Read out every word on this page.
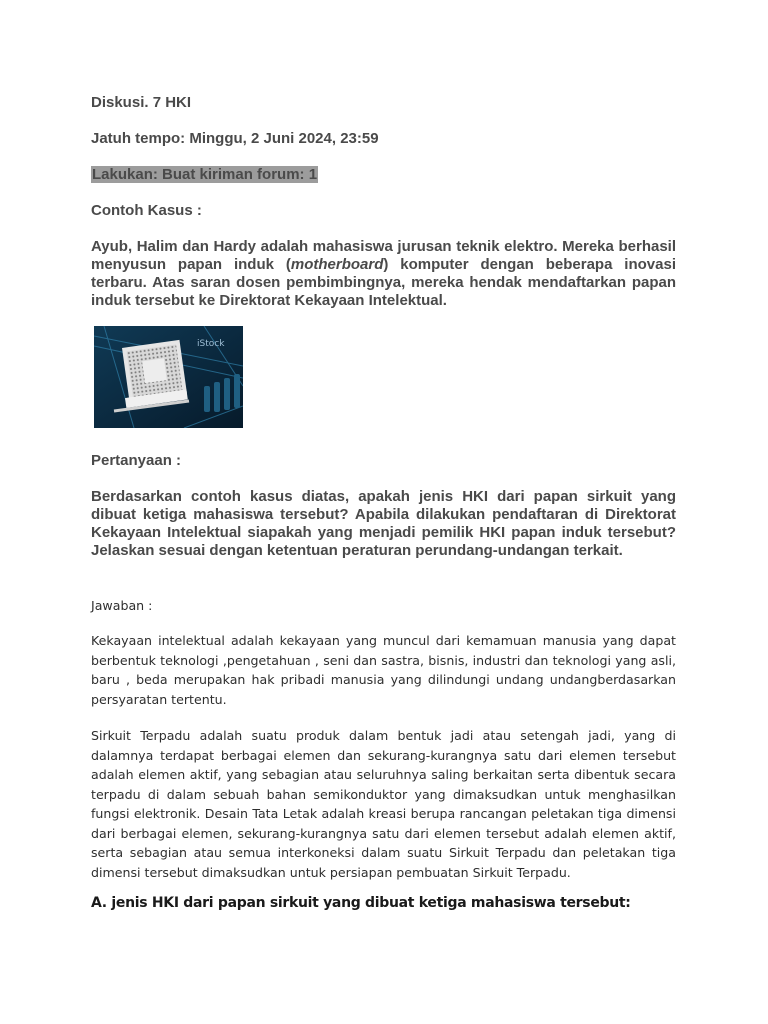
Diskusi. 7 HKI
Jatuh tempo: Minggu, 2 Juni 2024, 23:59
Lakukan: Buat kiriman forum: 1
Contoh Kasus :
Ayub, Halim dan Hardy adalah mahasiswa jurusan teknik elektro. Mereka berhasil menyusun papan induk (motherboard) komputer dengan beberapa inovasi terbaru. Atas saran dosen pembimbingnya, mereka hendak mendaftarkan papan induk tersebut ke Direktorat Kekayaan Intelektual.
iStock
Pertanyaan :
Berdasarkan contoh kasus diatas, apakah jenis HKI dari papan sirkuit yang dibuat ketiga mahasiswa tersebut? Apabila dilakukan pendaftaran di Direktorat Kekayaan Intelektual siapakah yang menjadi pemilik HKI papan induk tersebut? Jelaskan sesuai dengan ketentuan peraturan perundang-undangan terkait.
Jawaban :
Kekayaan intelektual adalah kekayaan yang muncul dari kemamuan manusia yang dapat berbentuk teknologi ,pengetahuan , seni dan sastra, bisnis, industri dan teknologi yang asli, baru , beda merupakan hak pribadi manusia yang dilindungi undang undangberdasarkan persyaratan tertentu.
Sirkuit Terpadu adalah suatu produk dalam bentuk jadi atau setengah jadi, yang di dalamnya terdapat berbagai elemen dan sekurang-kurangnya satu dari elemen tersebut adalah elemen aktif, yang sebagian atau seluruhnya saling berkaitan serta dibentuk secara terpadu di dalam sebuah bahan semikonduktor yang dimaksudkan untuk menghasilkan fungsi elektronik. Desain Tata Letak adalah kreasi berupa rancangan peletakan tiga dimensi dari berbagai elemen, sekurang-kurangnya satu dari elemen tersebut adalah elemen aktif, serta sebagian atau semua interkoneksi dalam suatu Sirkuit Terpadu dan peletakan tiga dimensi tersebut dimaksudkan untuk persiapan pembuatan Sirkuit Terpadu.
A. jenis HKI dari papan sirkuit yang dibuat ketiga mahasiswa tersebut:
